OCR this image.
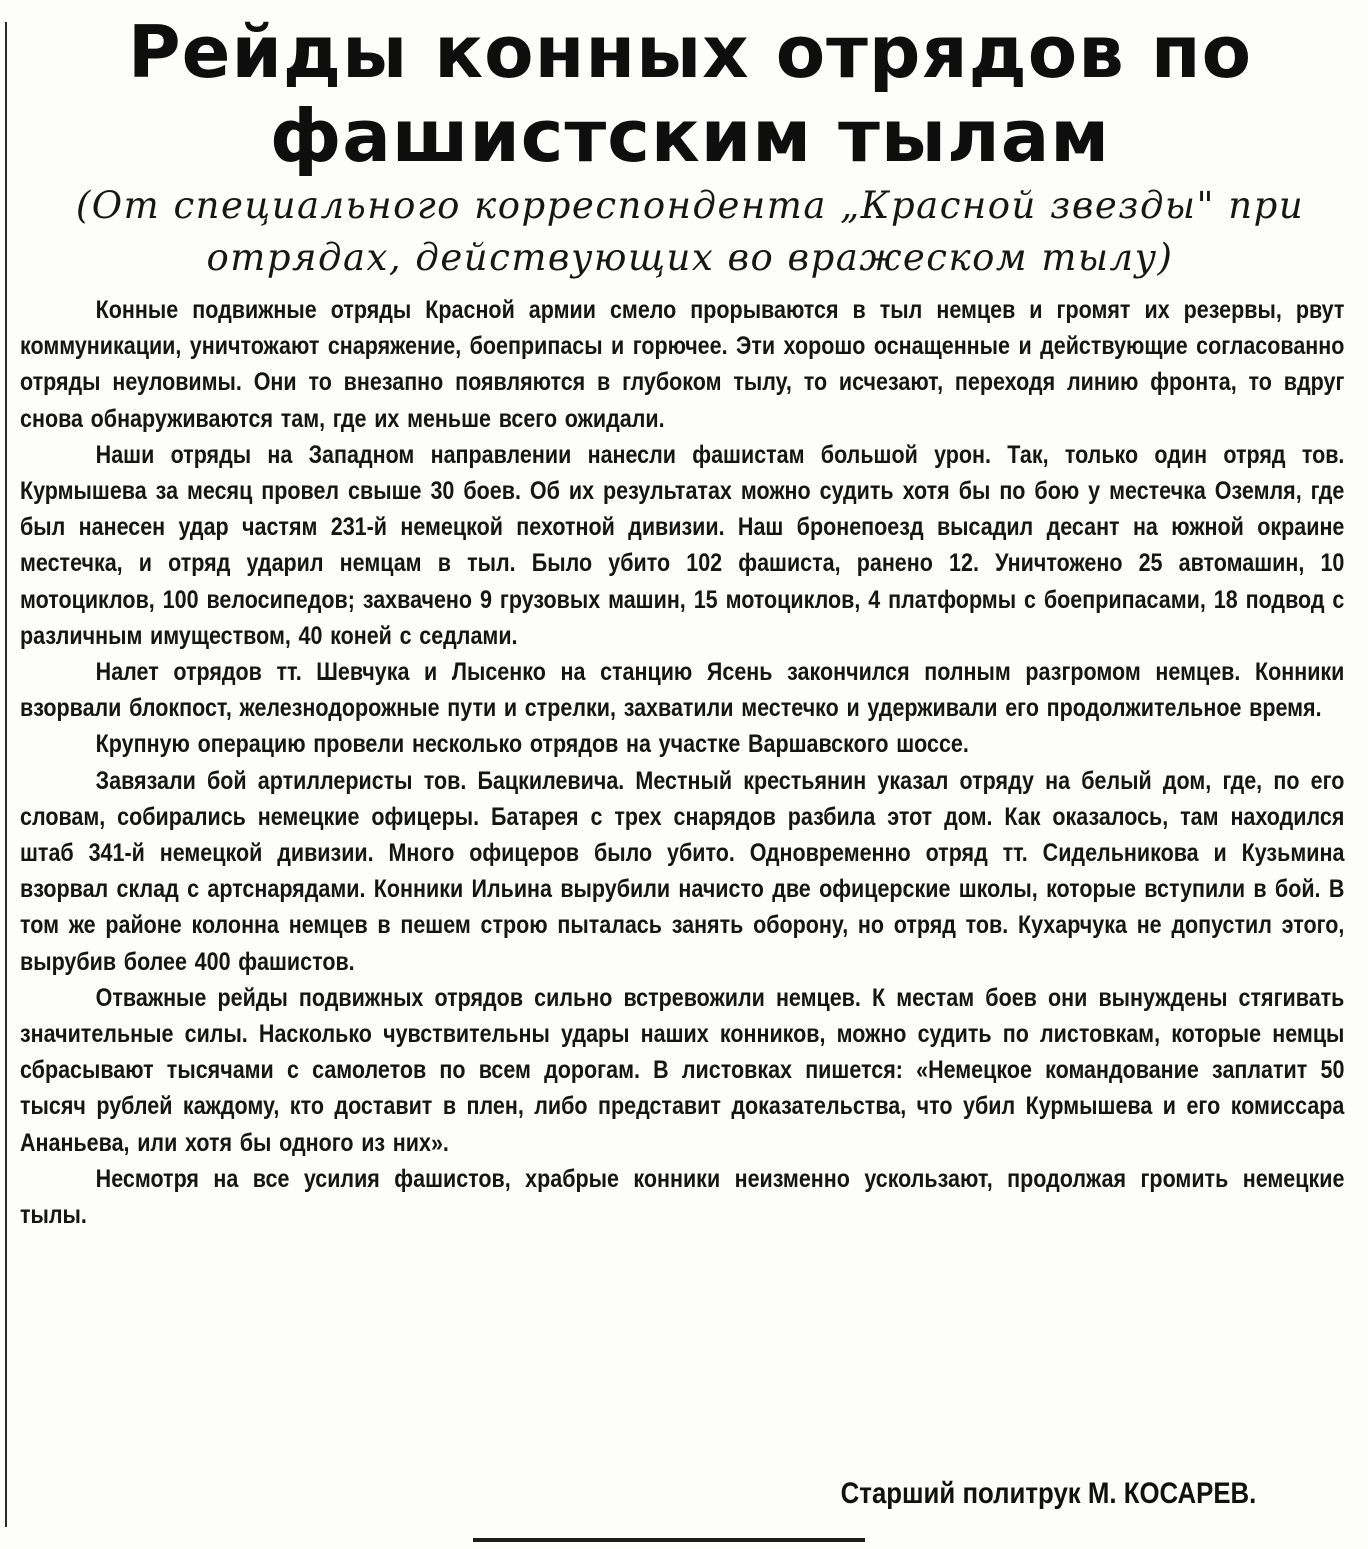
Рейды конных отрядов по фашистским тылам

(От специального корреспондента „Красной звезды" при отрядах, действующих во вражеском тылу)

Конные подвижные отряды Красной армии смело прорываются в тыл немцев и громят их резервы, рвут коммуникации, уничтожают снаряжение, боеприпасы и горючее. Эти хорошо оснащенные и действующие согласованно отряды неуловимы. Они то внезапно появляются в глубоком тылу, то исчезают, переходя линию фронта, то вдруг снова обнаруживаются там, где их меньше всего ожидали.

Наши отряды на Западном направлении нанесли фашистам большой урон. Так, только один отряд тов. Курмышева за месяц провел свыше 30 боев. Об их результатах можно судить хотя бы по бою у местечка Оземля, где был нанесен удар частям 231-й немецкой пехотной дивизии. Наш бронепоезд высадил десант на южной окраине местечка, и отряд ударил немцам в тыл. Было убито 102 фашиста, ранено 12. Уничтожено 25 автомашин, 10 мотоциклов, 100 велосипедов; захвачено 9 грузовых машин, 15 мотоциклов, 4 платформы с боеприпасами, 18 подвод с различным имуществом, 40 коней с седлами.

Налет отрядов тт. Шевчука и Лысенко на станцию Ясень закончился полным разгромом немцев. Конники взорвали блокпост, железнодорожные пути и стрелки, захватили местечко и удерживали его продолжительное время.

Крупную операцию провели несколько отрядов на участке Варшавского шоссе.

Завязали бой артиллеристы тов. Бацкилевича. Местный крестьянин указал отряду на белый дом, где, по его словам, собирались немецкие офицеры. Батарея с трех снарядов разбила этот дом. Как оказалось, там находился штаб 341-й немецкой дивизии. Много офицеров было убито. Одновременно отряд тт. Сидельникова и Кузьмина взорвал склад с артснарядами. Конники Ильина вырубили начисто две офицерские школы, которые вступили в бой. В том же районе колонна немцев в пешем строю пыталась занять оборону, но отряд тов. Кухарчука не допустил этого, вырубив более 400 фашистов.

Отважные рейды подвижных отрядов сильно встревожили немцев. К местам боев они вынуждены стягивать значительные силы. Насколько чувствительны удары наших конников, можно судить по листовкам, которые немцы сбрасывают тысячами с самолетов по всем дорогам. В листовках пишется: «Немецкое командование заплатит 50 тысяч рублей каждому, кто доставит в плен, либо представит доказательства, что убил Курмышева и его комиссара Ананьева, или хотя бы одного из них».

Несмотря на все усилия фашистов, храбрые конники неизменно ускользают, продолжая громить немецкие тылы.

Старший политрук М. КОСАРЕВ.
